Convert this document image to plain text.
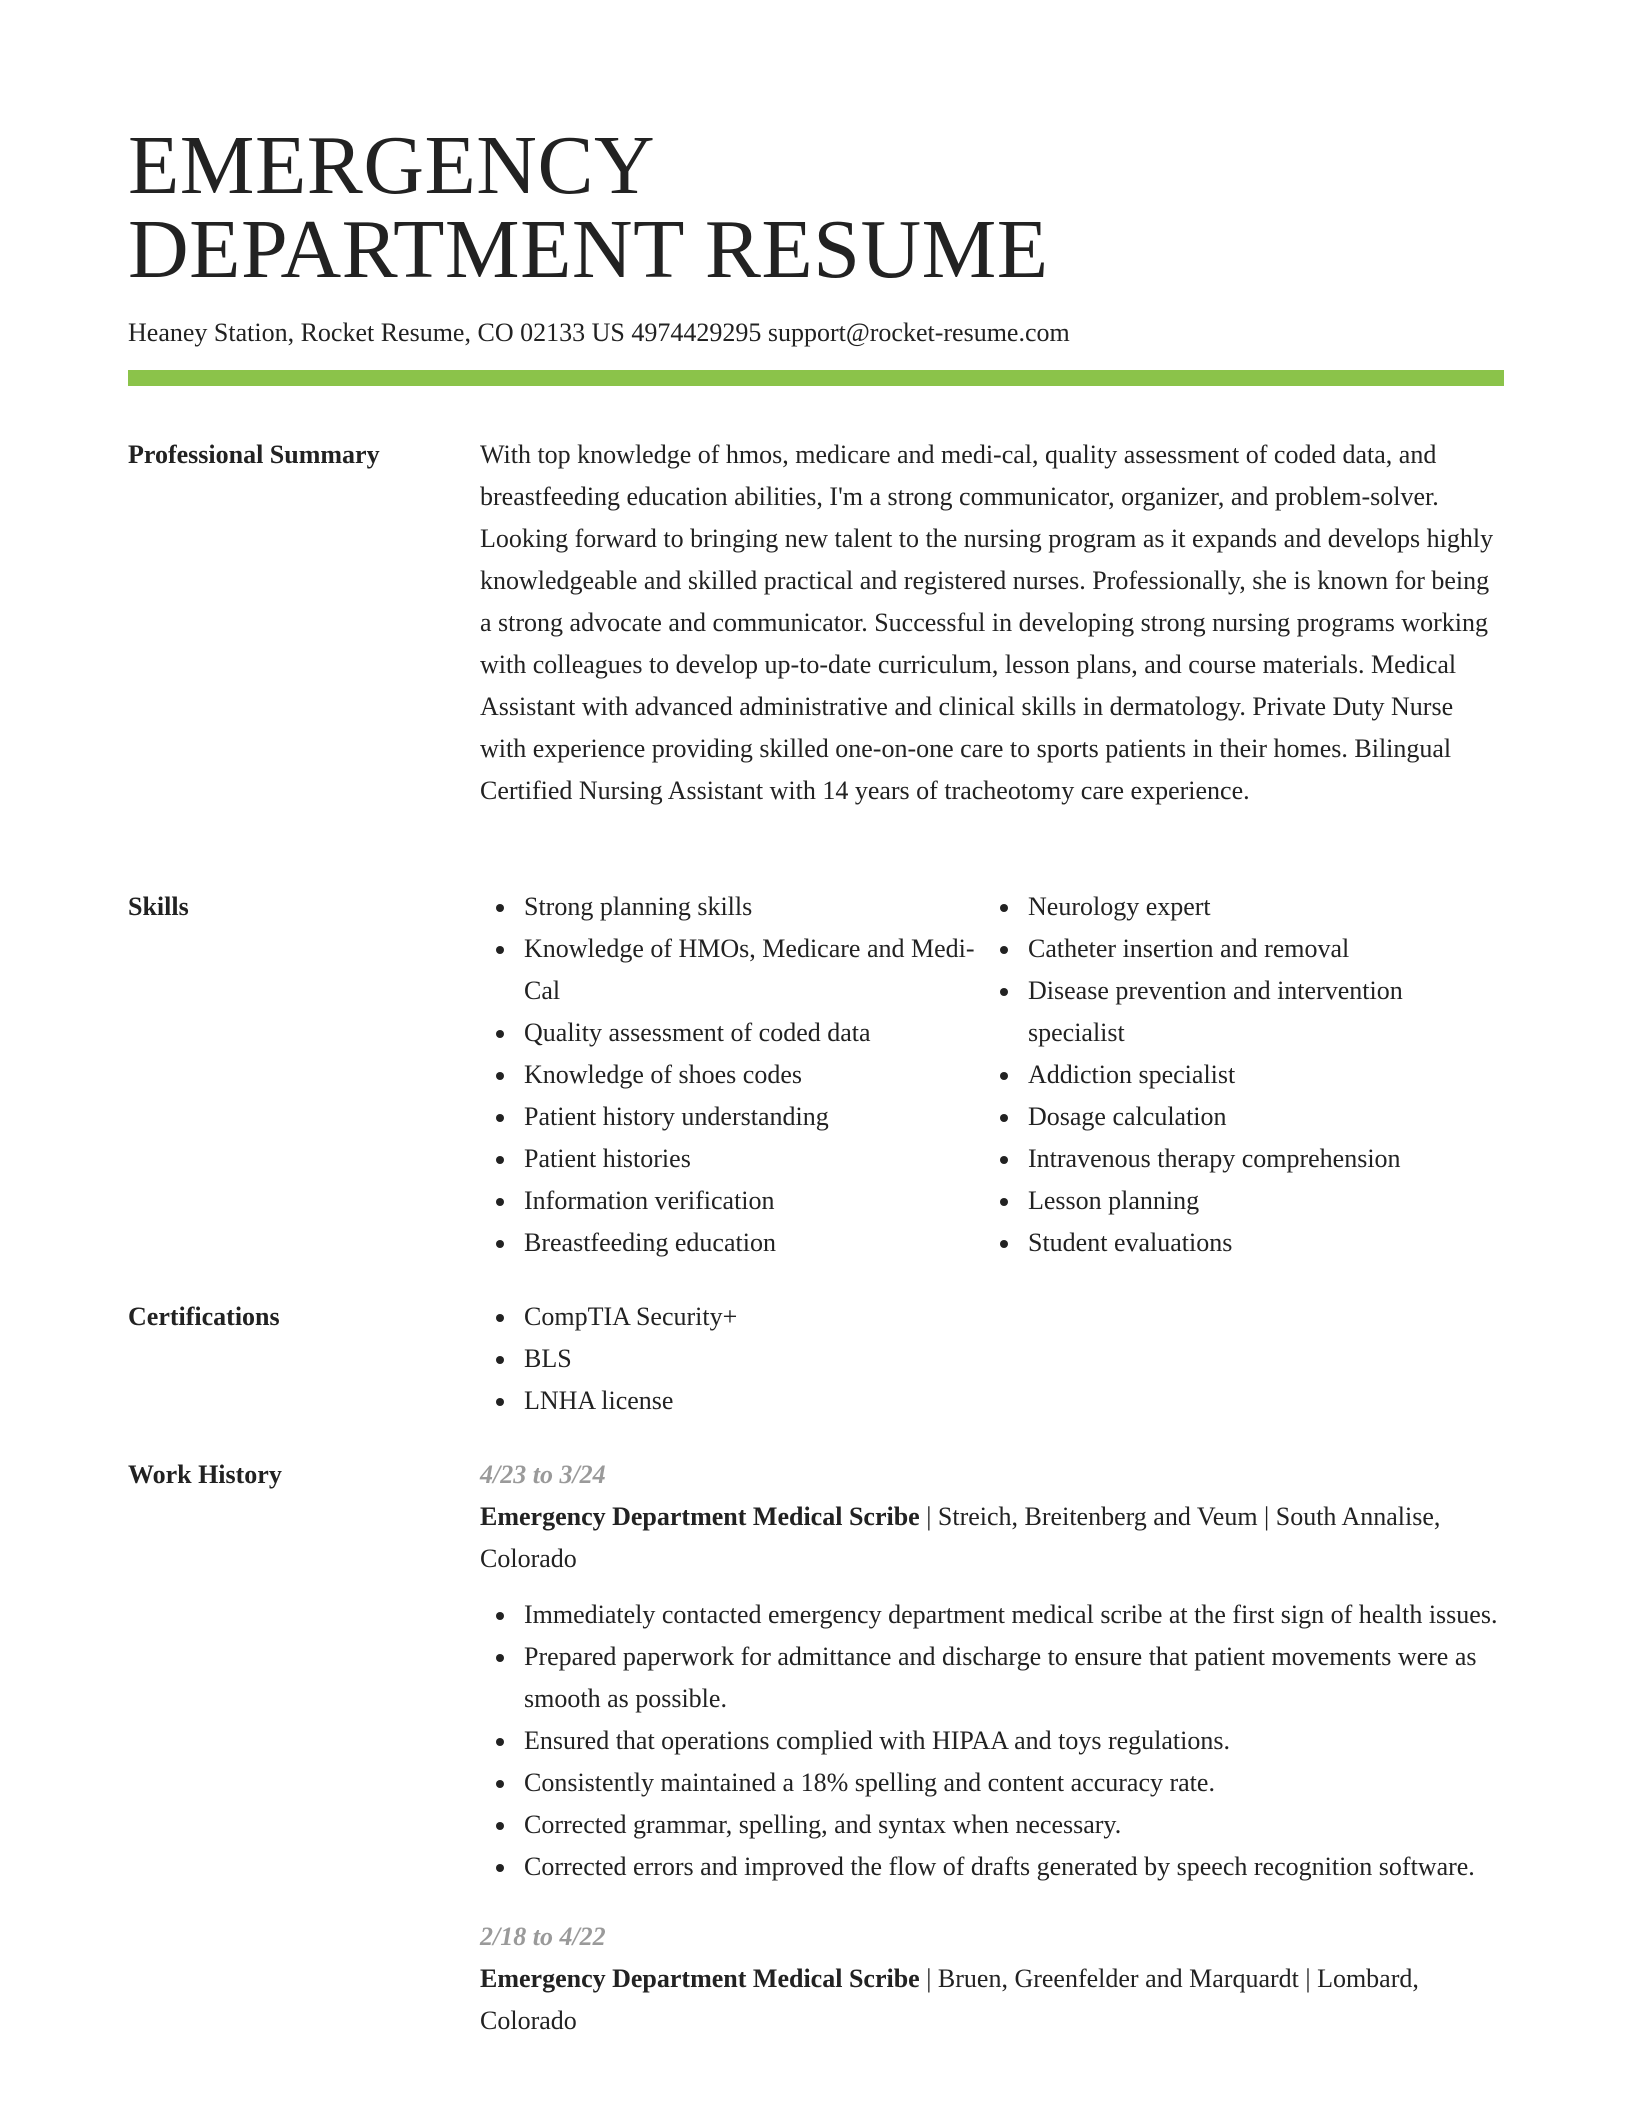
EMERGENCY
DEPARTMENT RESUME

Heaney Station, Rocket Resume, CO 02133 US 4974429295 support@rocket-resume.com

Professional Summary	With top knowledge of hmos, medicare and medi-cal, quality assessment of coded data, and breastfeeding education abilities, I'm a strong communicator, organizer, and problem-solver. Looking forward to bringing new talent to the nursing program as it expands and develops highly knowledgeable and skilled practical and registered nurses. Professionally, she is known for being a strong advocate and communicator. Successful in developing strong nursing programs working with colleagues to develop up-to-date curriculum, lesson plans, and course materials. Medical Assistant with advanced administrative and clinical skills in dermatology. Private Duty Nurse with experience providing skilled one-on-one care to sports patients in their homes. Bilingual Certified Nursing Assistant with 14 years of tracheotomy care experience.

Skills	Strong planning skills
Knowledge of HMOs, Medicare and Medi-Cal
Quality assessment of coded data
Knowledge of shoes codes
Patient history understanding
Patient histories
Information verification
Breastfeeding education
Neurology expert
Catheter insertion and removal
Disease prevention and intervention specialist
Addiction specialist
Dosage calculation
Intravenous therapy comprehension
Lesson planning
Student evaluations
Certifications	CompTIA Security+
BLS
LNHA license
Work History	4/23 to 3/24

Emergency Department Medical Scribe | Streich, Breitenberg and Veum | South Annalise, Colorado

Immediately contacted emergency department medical scribe at the first sign of health issues.
Prepared paperwork for admittance and discharge to ensure that patient movements were as smooth as possible.
Ensured that operations complied with HIPAA and toys regulations.
Consistently maintained a 18% spelling and content accuracy rate.
Corrected grammar, spelling, and syntax when necessary.
Corrected errors and improved the flow of drafts generated by speech recognition software.

2/18 to 4/22

Emergency Department Medical Scribe | Bruen, Greenfelder and Marquardt | Lombard, Colorado
